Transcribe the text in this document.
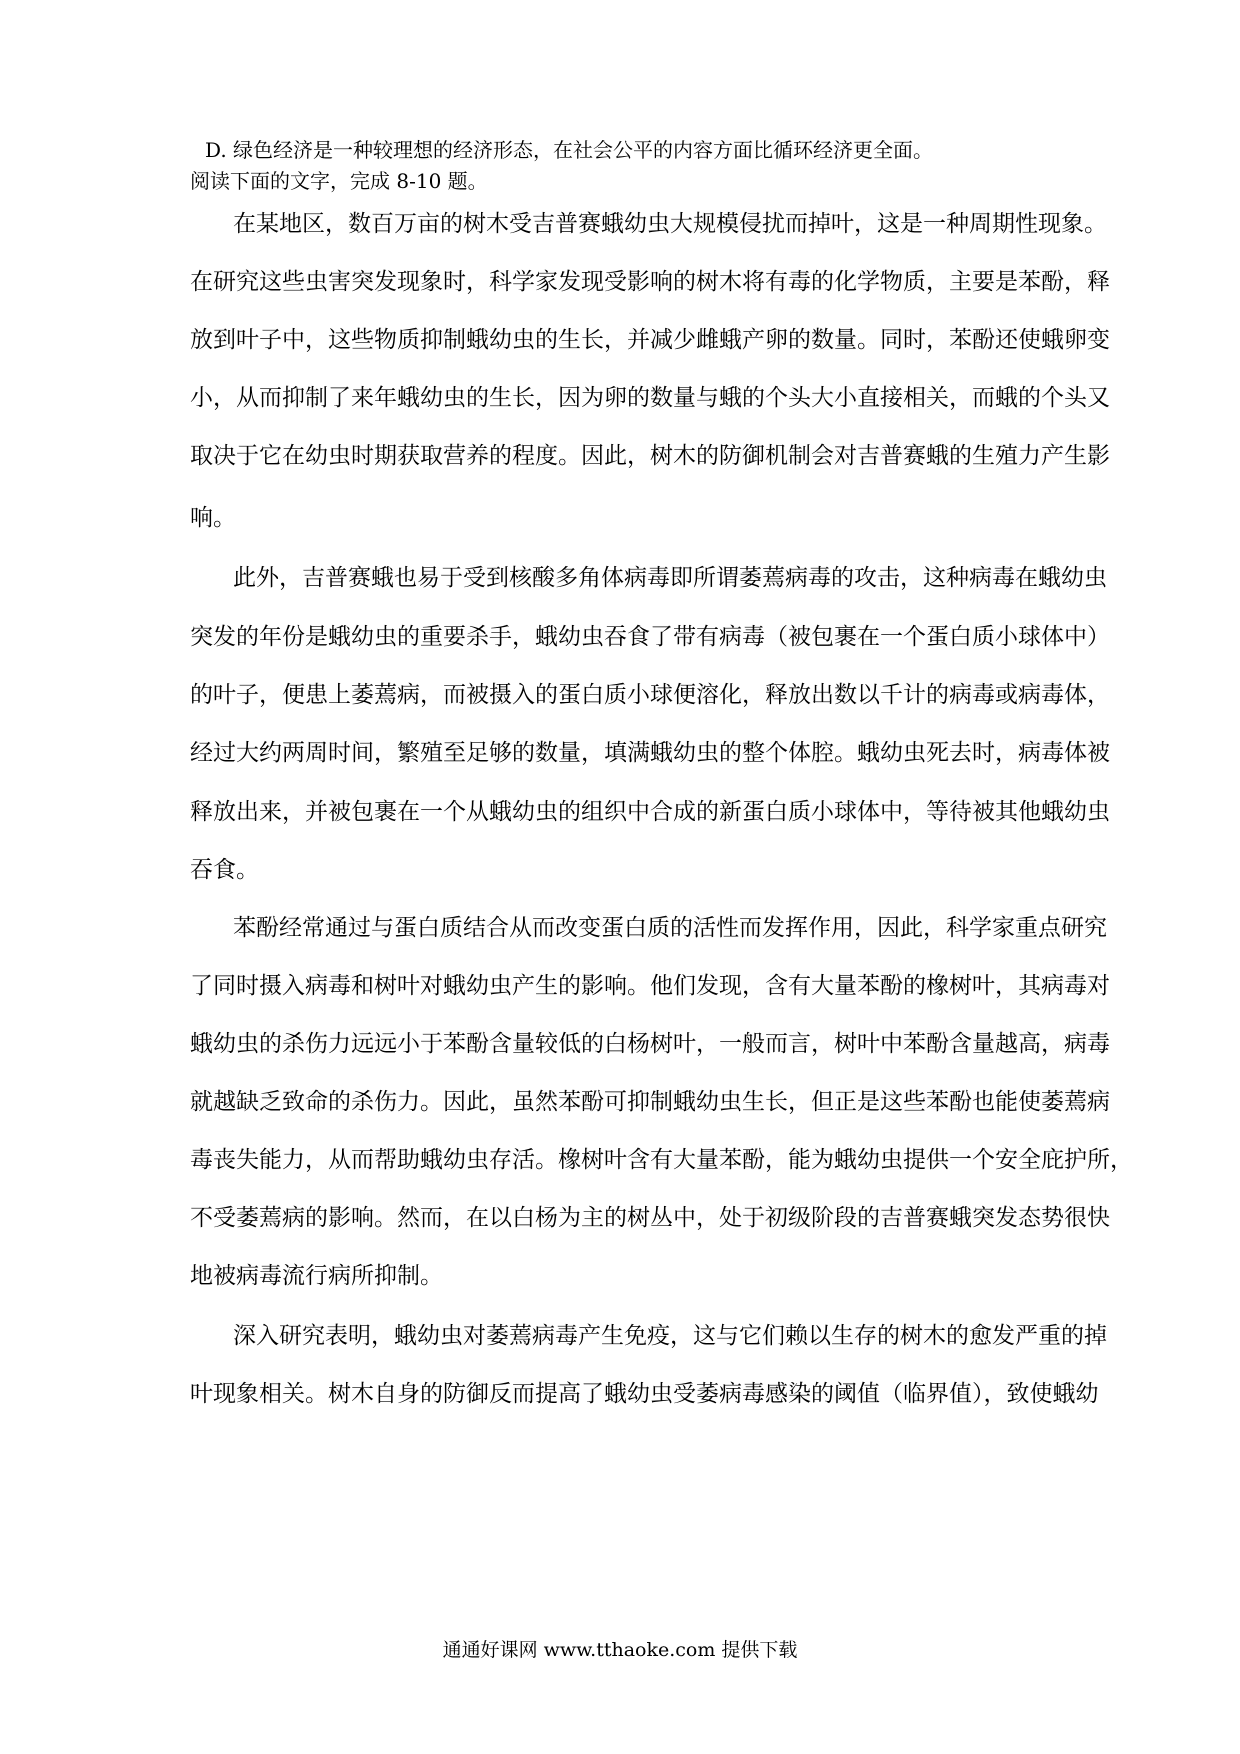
D. 绿色经济是一种较理想的经济形态，在社会公平的内容方面比循环经济更全面。
阅读下面的文字，完成 8-10 题。
在某地区，数百万亩的树木受吉普赛蛾幼虫大规模侵扰而掉叶，这是一种周期性现象。
在研究这些虫害突发现象时，科学家发现受影响的树木将有毒的化学物质，主要是苯酚，释
放到叶子中，这些物质抑制蛾幼虫的生长，并减少雌蛾产卵的数量。同时，苯酚还使蛾卵变
小，从而抑制了来年蛾幼虫的生长，因为卵的数量与蛾的个头大小直接相关，而蛾的个头又
取决于它在幼虫时期获取营养的程度。因此，树木的防御机制会对吉普赛蛾的生殖力产生影
响。
此外，吉普赛蛾也易于受到核酸多角体病毒即所谓萎蔫病毒的攻击，这种病毒在蛾幼虫
突发的年份是蛾幼虫的重要杀手，蛾幼虫吞食了带有病毒（被包裹在一个蛋白质小球体中）
的叶子，便患上萎蔫病，而被摄入的蛋白质小球便溶化，释放出数以千计的病毒或病毒体，
经过大约两周时间，繁殖至足够的数量，填满蛾幼虫的整个体腔。蛾幼虫死去时，病毒体被
释放出来，并被包裹在一个从蛾幼虫的组织中合成的新蛋白质小球体中，等待被其他蛾幼虫
吞食。
苯酚经常通过与蛋白质结合从而改变蛋白质的活性而发挥作用，因此，科学家重点研究
了同时摄入病毒和树叶对蛾幼虫产生的影响。他们发现，含有大量苯酚的橡树叶，其病毒对
蛾幼虫的杀伤力远远小于苯酚含量较低的白杨树叶，一般而言，树叶中苯酚含量越高，病毒
就越缺乏致命的杀伤力。因此，虽然苯酚可抑制蛾幼虫生长，但正是这些苯酚也能使萎蔫病
毒丧失能力，从而帮助蛾幼虫存活。橡树叶含有大量苯酚，能为蛾幼虫提供一个安全庇护所，
不受萎蔫病的影响。然而，在以白杨为主的树丛中，处于初级阶段的吉普赛蛾突发态势很快
地被病毒流行病所抑制。
深入研究表明，蛾幼虫对萎蔫病毒产生免疫，这与它们赖以生存的树木的愈发严重的掉
叶现象相关。树木自身的防御反而提高了蛾幼虫受萎病毒感染的阈值（临界值），致使蛾幼
通通好课网 www.tthaoke.com 提供下载
